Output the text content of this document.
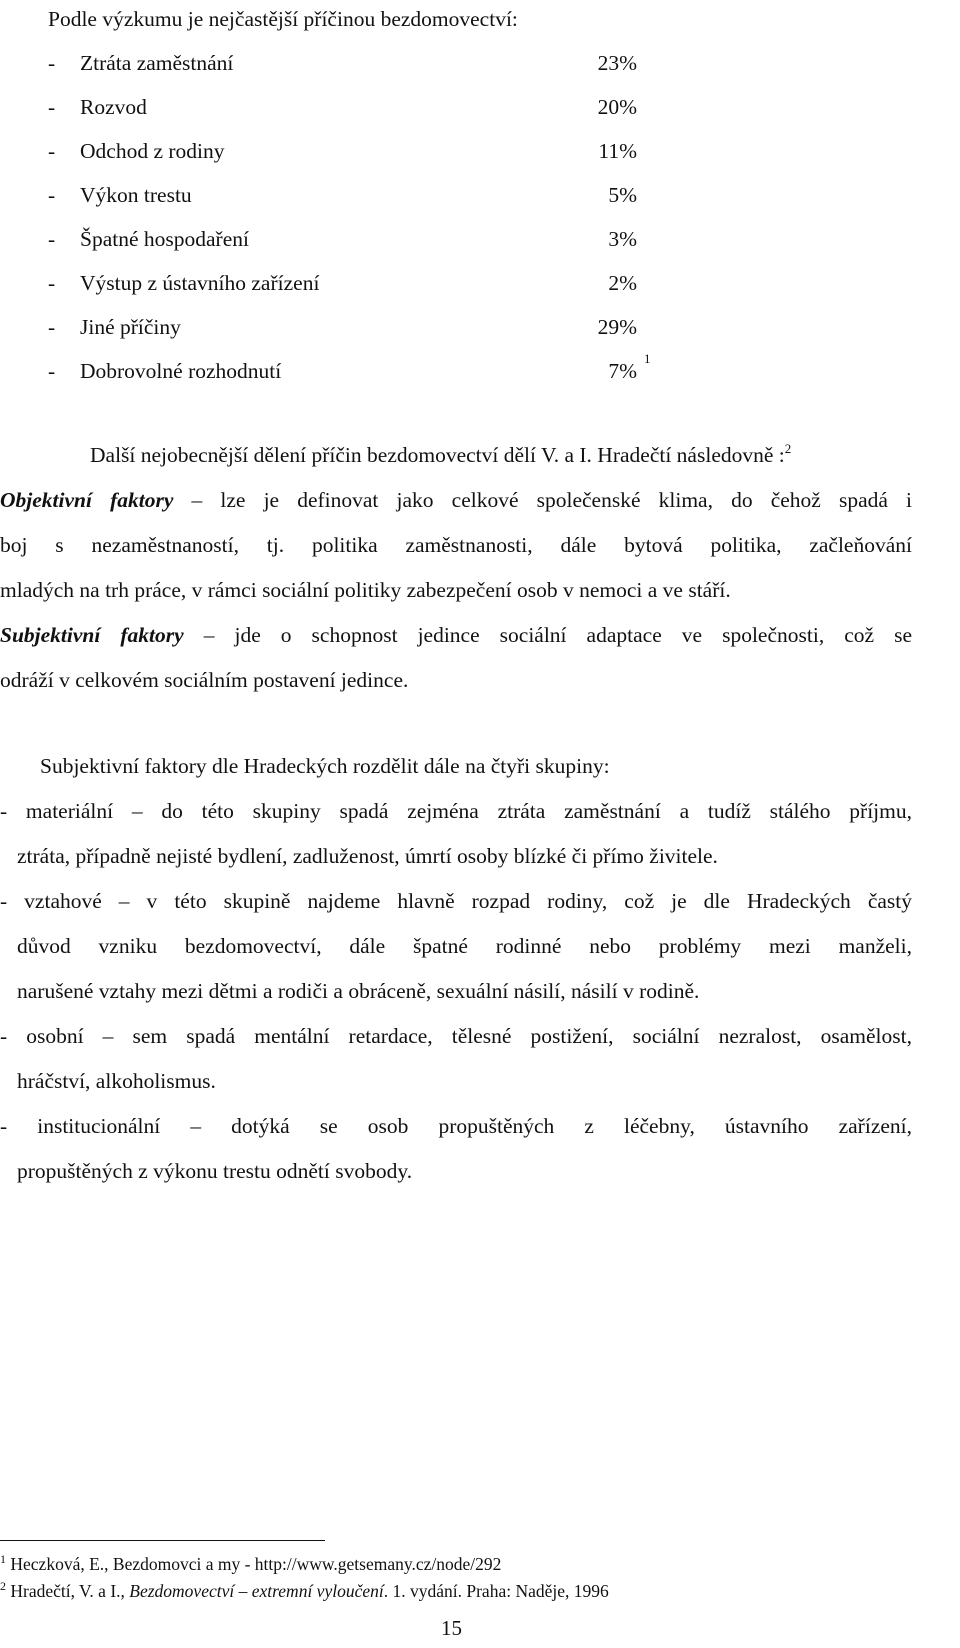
Podle výzkumu je nejčastější příčinou bezdomovectví:
- Ztráta zaměstnání	23%
- Rozvod	20%
- Odchod z rodiny	11%
- Výkon trestu	5%
- Špatné hospodaření	3%
- Výstup z ústavního zařízení	2%
- Jiné příčiny	29%
- Dobrovolné rozhodnutí	7%
1
Další nejobecnější dělení příčin bezdomovectví dělí V. a I. Hradečtí následovně :$^2$
Objektivní faktory – lze je definovat jako celkové společenské klima, do čehož spadá i
boj s nezaměstnaností, tj. politika zaměstnanosti, dále bytová politika, začleňování
mladých na trh práce, v rámci sociální politiky zabezpečení osob v nemoci a ve stáří.
Subjektivní faktory – jde o schopnost jedince sociální adaptace ve společnosti, což se
odráží v celkovém sociálním postavení jedince.
Subjektivní faktory dle Hradeckých rozdělit dále na čtyři skupiny:
- materiální – do této skupiny spadá zejména ztráta zaměstnání a tudíž stálého příjmu,
ztráta, případně nejisté bydlení, zadluženost, úmrtí osoby blízké či přímo živitele.
- vztahové – v této skupině najdeme hlavně rozpad rodiny, což je dle Hradeckých častý
důvod vzniku bezdomovectví, dále špatné rodinné nebo problémy mezi manželi,
narušené vztahy mezi dětmi a rodiči a obráceně, sexuální násilí, násilí v rodině.
- osobní – sem spadá mentální retardace, tělesné postižení, sociální nezralost, osamělost,
hráčství, alkoholismus.
- institucionální – dotýká se osob propuštěných z léčebny, ústavního zařízení,
propuštěných z výkonu trestu odnětí svobody.
$^1$ Heczková, E., Bezdomovci a my - http://www.getsemany.cz/node/292
$^2$ Hradečtí, V. a I., Bezdomovectví – extremní vyloučení. 1. vydání. Praha: Naděje, 1996
15
